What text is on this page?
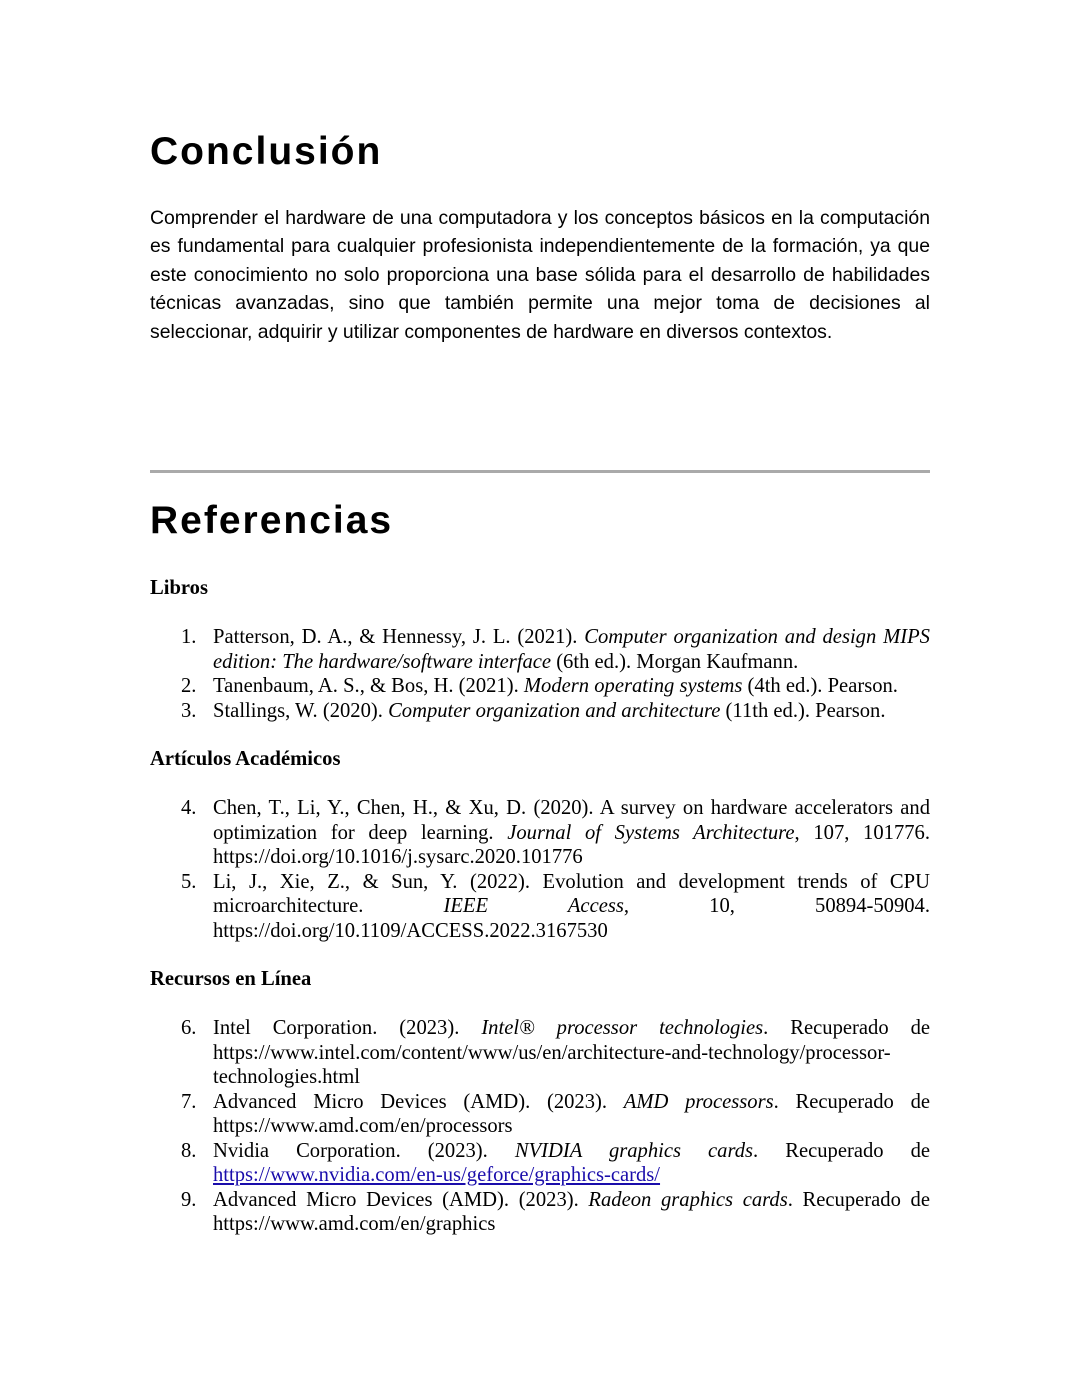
Conclusión

Comprender el hardware de una computadora y los conceptos básicos en la computación es fundamental para cualquier profesionista independientemente de la formación, ya que este conocimiento no solo proporciona una base sólida para el desarrollo de habilidades técnicas avanzadas, sino que también permite una mejor toma de decisiones al seleccionar, adquirir y utilizar componentes de hardware en diversos contextos.

Referencias

Libros

1. Patterson, D. A., & Hennessy, J. L. (2021). Computer organization and design MIPS edition: The hardware/software interface (6th ed.). Morgan Kaufmann.
2. Tanenbaum, A. S., & Bos, H. (2021). Modern operating systems (4th ed.). Pearson.
3. Stallings, W. (2020). Computer organization and architecture (11th ed.). Pearson.

Artículos Académicos

4. Chen, T., Li, Y., Chen, H., & Xu, D. (2020). A survey on hardware accelerators and optimization for deep learning. Journal of Systems Architecture, 107, 101776. https://doi.org/10.1016/j.sysarc.2020.101776
5. Li, J., Xie, Z., & Sun, Y. (2022). Evolution and development trends of CPU microarchitecture. IEEE Access, 10, 50894-50904. https://doi.org/10.1109/ACCESS.2022.3167530

Recursos en Línea

6. Intel Corporation. (2023). Intel® processor technologies. Recuperado de https://www.intel.com/content/www/us/en/architecture-and-technology/processor-technologies.html
7. Advanced Micro Devices (AMD). (2023). AMD processors. Recuperado de https://www.amd.com/en/processors
8. Nvidia Corporation. (2023). NVIDIA graphics cards. Recuperado de https://www.nvidia.com/en-us/geforce/graphics-cards/
9. Advanced Micro Devices (AMD). (2023). Radeon graphics cards. Recuperado de https://www.amd.com/en/graphics
